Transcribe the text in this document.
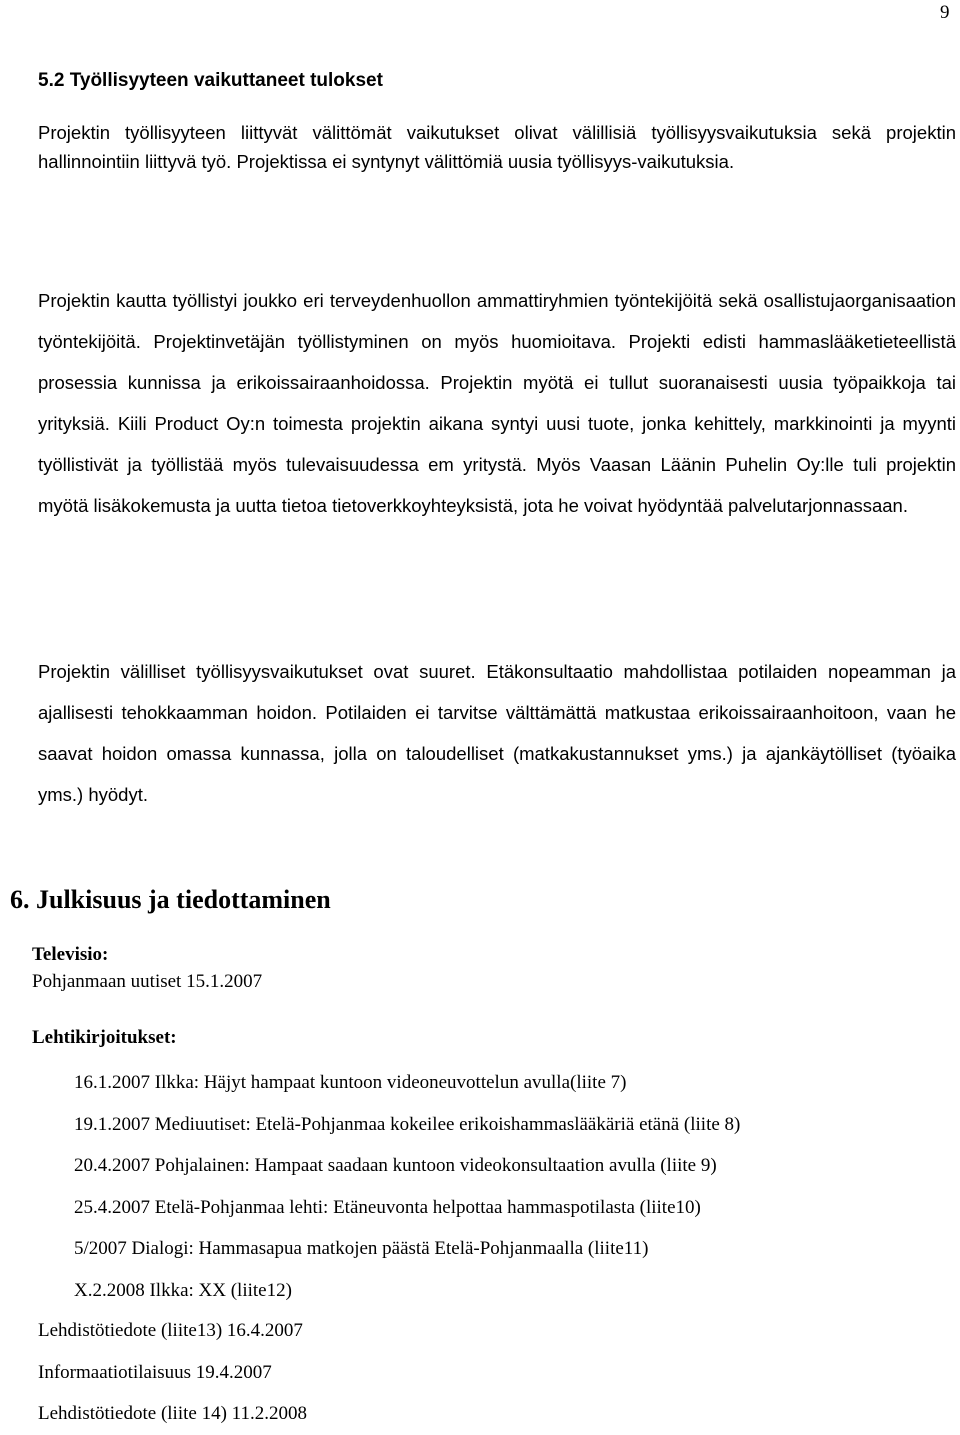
9
5.2 Työllisyyteen vaikuttaneet tulokset

Projektin työllisyyteen liittyvät välittömät vaikutukset olivat välillisiä työllisyysvaikutuksia sekä projektin hallinnointiin liittyvä työ. Projektissa ei syntynyt välittömiä uusia työllisyys-vaikutuksia.

Projektin kautta työllistyi joukko eri terveydenhuollon ammattiryhmien työntekijöitä sekä osallistujaorganisaation työntekijöitä. Projektinvetäjän työllistyminen on myös huomioitava. Projekti edisti hammaslääketieteellistä prosessia kunnissa ja erikoissairaanhoidossa. Projektin myötä ei tullut suoranaisesti uusia työpaikkoja tai yrityksiä. Kiili Product Oy:n toimesta projektin aikana syntyi uusi tuote, jonka kehittely, markkinointi ja myynti työllistivät ja työllistää myös tulevaisuudessa em yritystä. Myös Vaasan Läänin Puhelin Oy:lle tuli projektin myötä lisäkokemusta ja uutta tietoa tietoverkkoyhteyksistä, jota he voivat hyödyntää palvelutarjonnassaan.

Projektin välilliset työllisyysvaikutukset ovat suuret. Etäkonsultaatio mahdollistaa potilaiden nopeamman ja ajallisesti tehokkaamman hoidon. Potilaiden ei tarvitse välttämättä matkustaa erikoissairaanhoitoon, vaan he saavat hoidon omassa kunnassa, jolla on taloudelliset (matkakustannukset yms.) ja ajankäytölliset (työaika yms.) hyödyt.

6. Julkisuus ja tiedottaminen
Televisio:
Pohjanmaan uutiset 15.1.2007
Lehtikirjoitukset:
16.1.2007 Ilkka: Häjyt hampaat kuntoon videoneuvottelun avulla(liite 7)
19.1.2007 Mediuutiset: Etelä-Pohjanmaa kokeilee erikoishammaslääkäriä etänä (liite 8)
20.4.2007 Pohjalainen: Hampaat saadaan kuntoon videokonsultaation avulla (liite 9)
25.4.2007 Etelä-Pohjanmaa lehti: Etäneuvonta helpottaa hammaspotilasta (liite10)
5/2007 Dialogi: Hammasapua matkojen päästä Etelä-Pohjanmaalla (liite11)
X.2.2008 Ilkka: XX (liite12)
Lehdistötiedote (liite13) 16.4.2007
Informaatiotilaisuus 19.4.2007
Lehdistötiedote (liite 14) 11.2.2008
